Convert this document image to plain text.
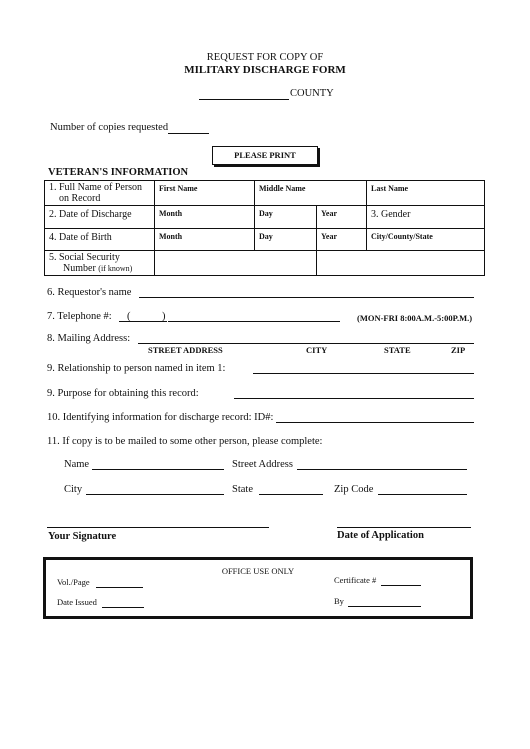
REQUEST FOR COPY OF
MILITARY DISCHARGE FORM
COUNTY
Number of copies requested
PLEASE PRINT
VETERAN'S INFORMATION
1. Full Name of Person
on Record	First Name	Middle Name		Last Name
2. Date of Discharge	Month	Day	Year	3. Gender
4. Date of Birth	Month	Day	Year	City/County/State

5. Social Security
Number (if known)				

6. Requestor's name
7. Telephone #: (	)	(MON-FRI 8:00A.M.-5:00P.M.)
8. Mailing Address:
STREET ADDRESS	CITY	STATE	ZIP
9. Relationship to person named in item 1:
9. Purpose for obtaining this record:
10. Identifying information for discharge record: ID#:
11. If copy is to be mailed to some other person, please complete:
Name	Street Address
City	State	Zip Code
Your Signature	Date of Application
OFFICE USE ONLY
Vol./Page	Certificate #
Date Issued	By
